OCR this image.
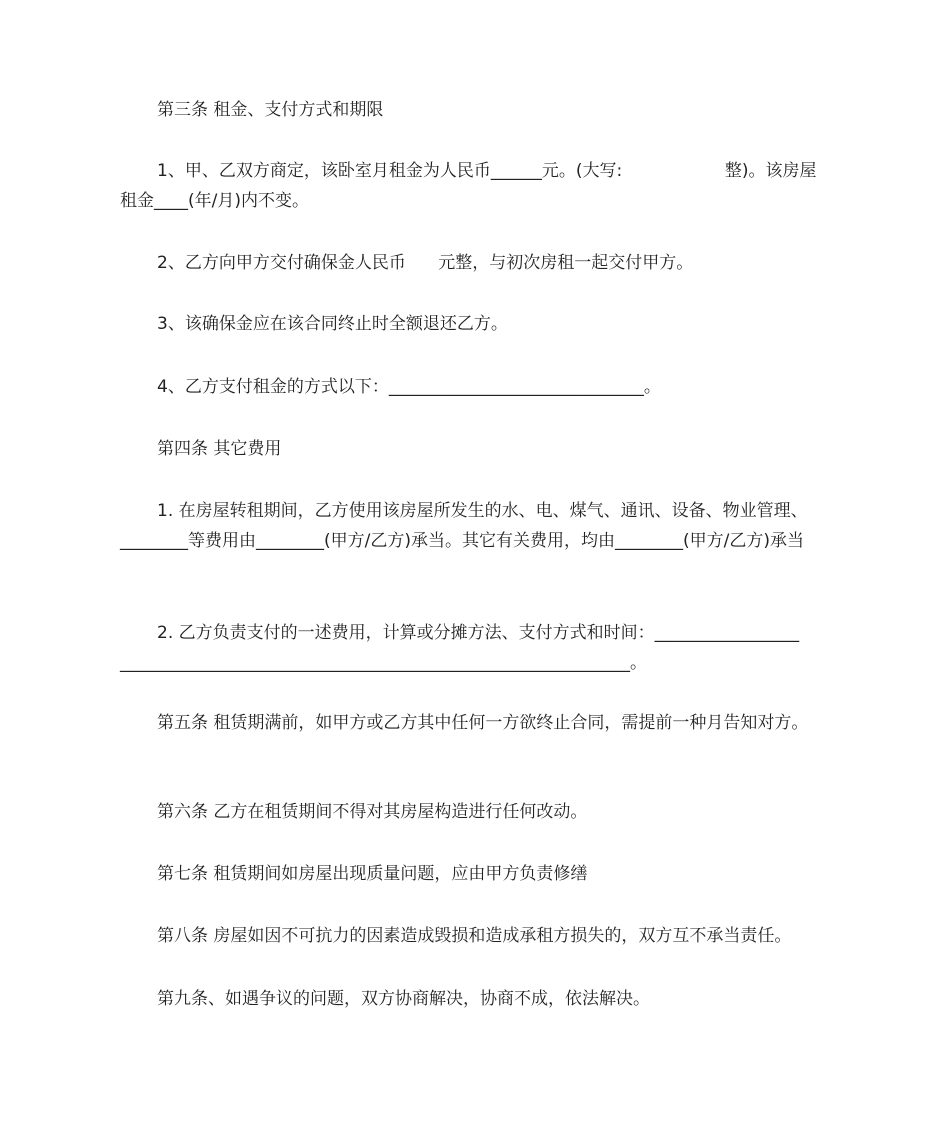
第三条 租金、支付方式和期限

1、甲、乙双方商定，该卧室月租金为人民币______元。(大写:                   整)。该房屋租金____(年/月)内不变。

2、乙方向甲方交付确保金人民币      元整，与初次房租一起交付甲方。

3、该确保金应在该合同终止时全额退还乙方。

4、乙方支付租金的方式以下：______________________________。

第四条 其它费用

1. 在房屋转租期间，乙方使用该房屋所发生的水、电、煤气、通讯、设备、物业管理、________等费用由________(甲方/乙方)承当。其它有关费用，均由________(甲方/乙方)承当

2. 乙方负责支付的一述费用，计算或分摊方法、支付方式和时间：_________________ ____________________________________________________________。

第五条 租赁期满前，如甲方或乙方其中任何一方欲终止合同，需提前一种月告知对方。

第六条 乙方在租赁期间不得对其房屋构造进行任何改动。

第七条 租赁期间如房屋出现质量问题，应由甲方负责修缮

第八条 房屋如因不可抗力的因素造成毁损和造成承租方损失的，双方互不承当责任。

第九条、如遇争议的问题，双方协商解决，协商不成，依法解决。
